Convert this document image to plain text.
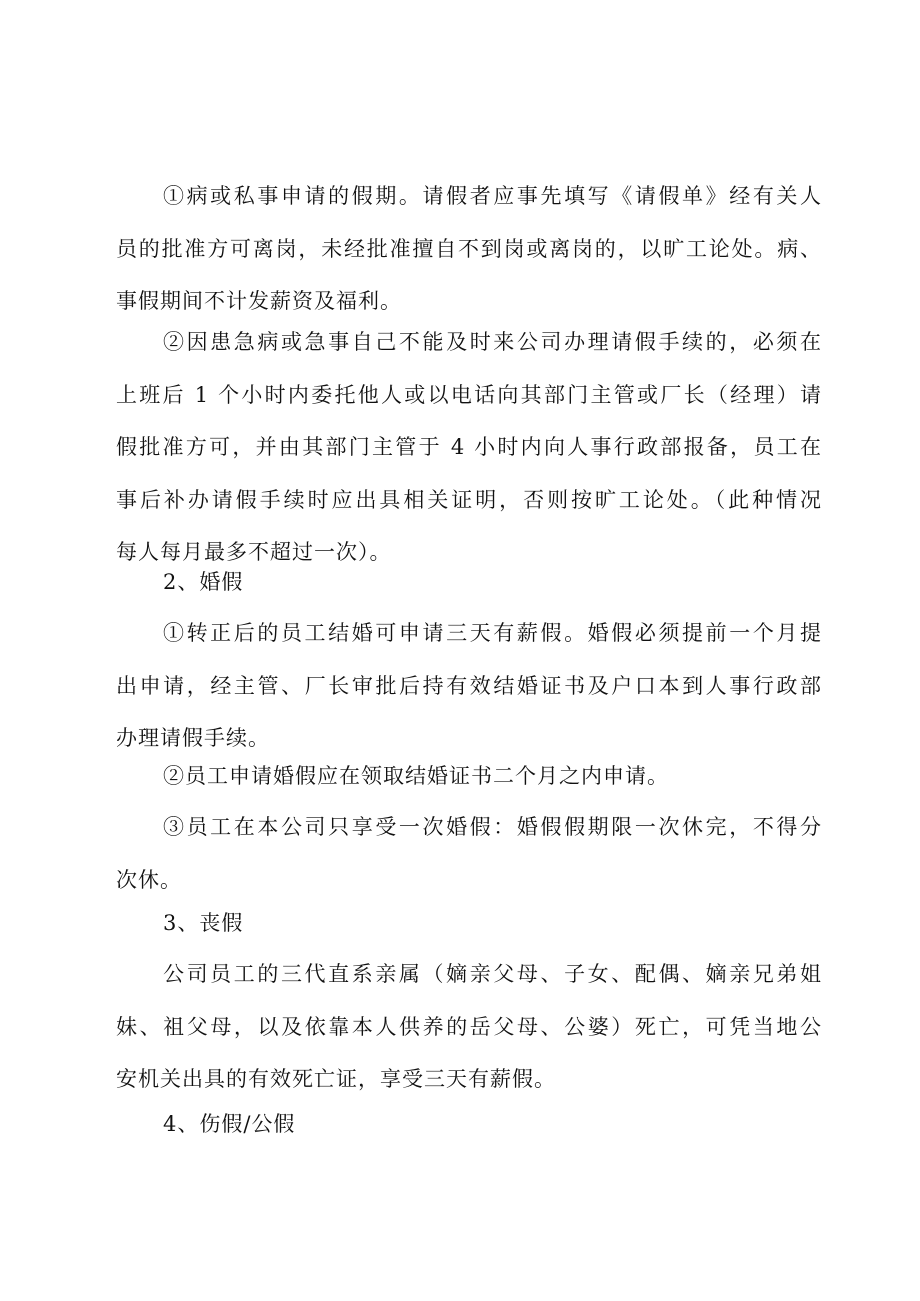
①病或私事申请的假期。请假者应事先填写《请假单》经有关人
员的批准方可离岗，未经批准擅自不到岗或离岗的，以旷工论处。病、
事假期间不计发薪资及福利。
②因患急病或急事自己不能及时来公司办理请假手续的，必须在
上班后 1 个小时内委托他人或以电话向其部门主管或厂长（经理）请
假批准方可，并由其部门主管于 4 小时内向人事行政部报备，员工在
事后补办请假手续时应出具相关证明，否则按旷工论处。（此种情况
每人每月最多不超过一次）。
2、婚假
①转正后的员工结婚可申请三天有薪假。婚假必须提前一个月提
出申请，经主管、厂长审批后持有效结婚证书及户口本到人事行政部
办理请假手续。
②员工申请婚假应在领取结婚证书二个月之内申请。
③员工在本公司只享受一次婚假：婚假假期限一次休完，不得分
次休。
3、丧假
公司员工的三代直系亲属（嫡亲父母、子女、配偶、嫡亲兄弟姐
妹、祖父母，以及依靠本人供养的岳父母、公婆）死亡，可凭当地公
安机关出具的有效死亡证，享受三天有薪假。
4、伤假/公假
